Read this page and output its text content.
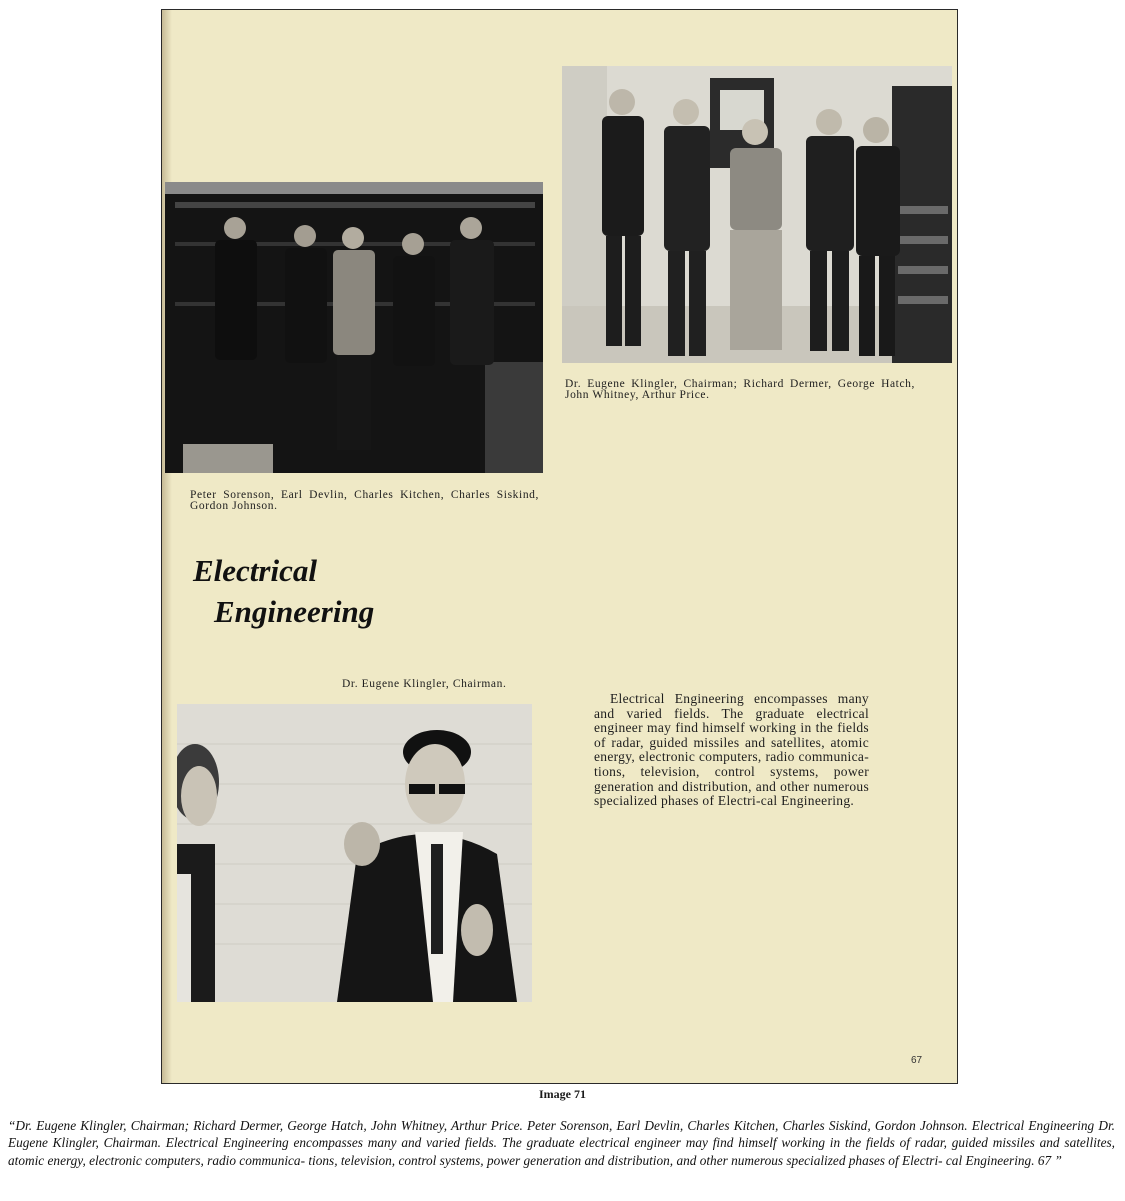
Dr. Eugene Klingler, Chairman; Richard Dermer, George Hatch, John Whitney, Arthur Price.
Peter Sorenson, Earl Devlin, Charles Kitchen, Charles Siskind, Gordon Johnson.
Electrical
Engineering
Dr. Eugene Klingler, Chairman.
Electrical Engineering encompasses many and varied fields. The graduate electrical engineer may find himself working in the fields of radar, guided missiles and satellites, atomic energy, electronic computers, radio communica-tions, television, control systems, power generation and distribution, and other numerous specialized phases of Electri-cal Engineering.
67
Image 71
“Dr. Eugene Klingler, Chairman; Richard Dermer, George Hatch, John Whitney, Arthur Price. Peter Sorenson, Earl Devlin, Charles Kitchen, Charles Siskind, Gordon Johnson. Electrical Engineering Dr. Eugene Klingler, Chairman. Electrical Engineering encompasses many and varied fields. The graduate electrical engineer may find himself working in the fields of radar, guided missiles and satellites, atomic energy, electronic computers, radio communica- tions, television, control systems, power generation and distribution, and other numerous specialized phases of Electri- cal Engineering. 67 ”
